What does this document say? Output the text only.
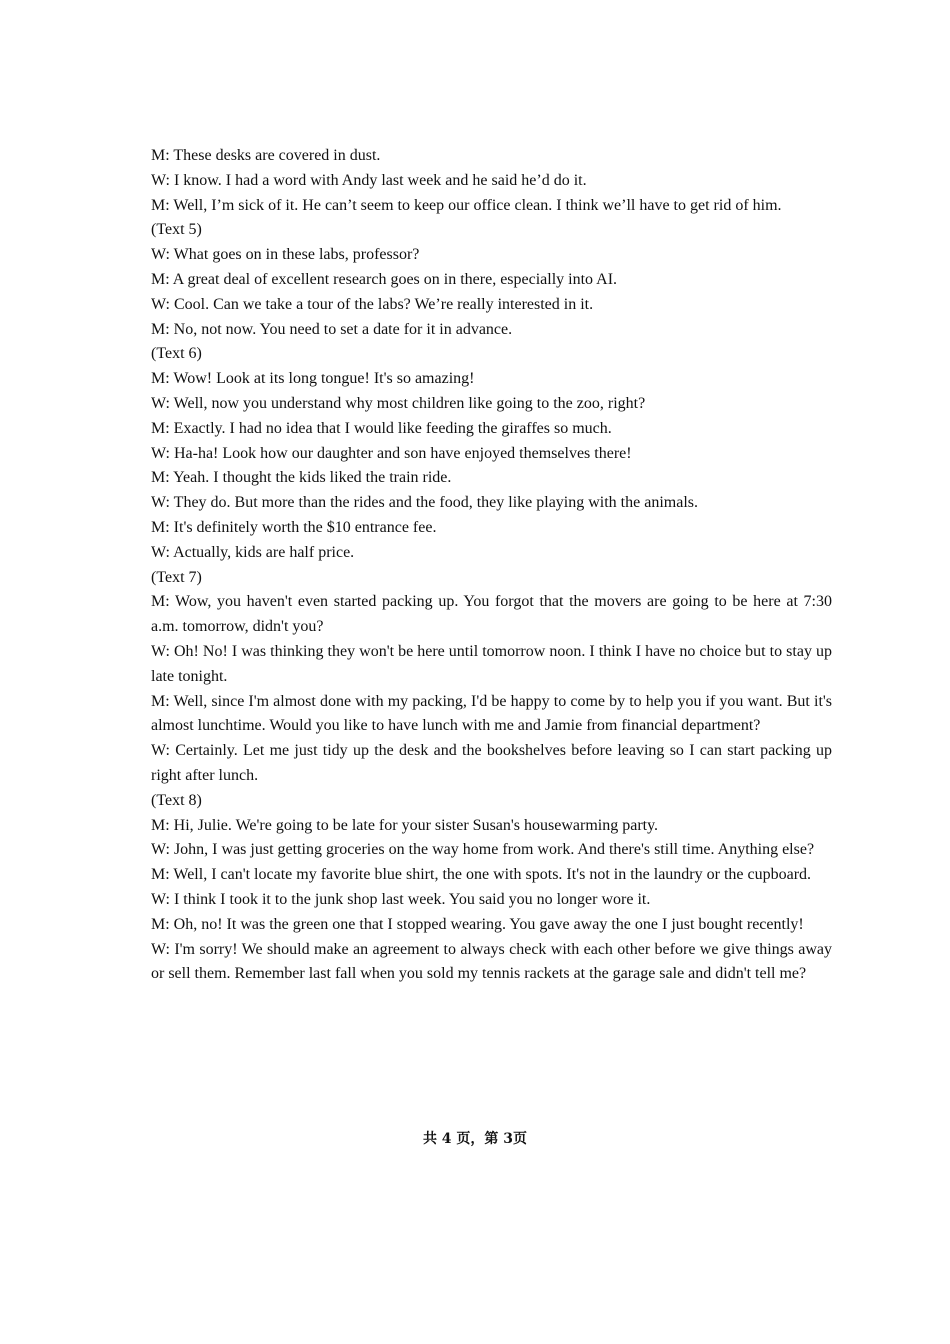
M: These desks are covered in dust.

W: I know. I had a word with Andy last week and he said he’d do it.

M: Well, I’m sick of it. He can’t seem to keep our office clean. I think we’ll have to get rid of him.

(Text 5)

W: What goes on in these labs, professor?

M: A great deal of excellent research goes on in there, especially into AI.

W: Cool. Can we take a tour of the labs? We’re really interested in it.

M: No, not now. You need to set a date for it in advance.

(Text 6)

M: Wow! Look at its long tongue! It's so amazing!

W: Well, now you understand why most children like going to the zoo, right?

M: Exactly. I had no idea that I would like feeding the giraffes so much.

W: Ha-ha! Look how our daughter and son have enjoyed themselves there!

M: Yeah. I thought the kids liked the train ride.

W: They do. But more than the rides and the food, they like playing with the animals.

M: It's definitely worth the $10 entrance fee.

W: Actually, kids are half price.

(Text 7)

M: Wow, you haven't even started packing up. You forgot that the movers are going to be here at 7:30 a.m. tomorrow, didn't you?

W: Oh! No! I was thinking they won't be here until tomorrow noon. I think I have no choice but to stay up late tonight.

M: Well, since I'm almost done with my packing, I'd be happy to come by to help you if you want. But it's almost lunchtime. Would you like to have lunch with me and Jamie from financial department?

W: Certainly. Let me just tidy up the desk and the bookshelves before leaving so I can start packing up right after lunch.

(Text 8)

M: Hi, Julie. We're going to be late for your sister Susan's housewarming party.

W: John, I was just getting groceries on the way home from work. And there's still time. Anything else?

M: Well, I can't locate my favorite blue shirt, the one with spots. It's not in the laundry or the cupboard.

W: I think I took it to the junk shop last week. You said you no longer wore it.

M: Oh, no! It was the green one that I stopped wearing. You gave away the one I just bought recently!

W: I'm sorry! We should make an agreement to always check with each other before we give things away or sell them. Remember last fall when you sold my tennis rackets at the garage sale and didn't tell me?

共 4 页，第 3页
